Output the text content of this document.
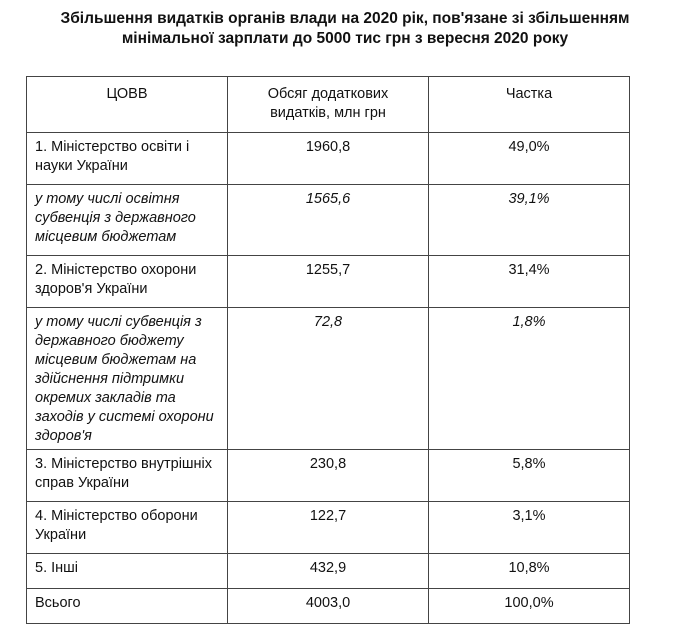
Збільшення видатків органів влади на 2020 рік, пов'язане зі збільшенням
мінімальної зарплати до 5000 тис грн з вересня 2020 року
ЦОВВ	Обсяг додаткових видатків, млн грн	Частка
1. Міністерство освіти і науки України	1960,8	49,0%
у тому числі освітня субвенція з державного місцевим бюджетам	1565,6	39,1%
2. Міністерство охорони здоров'я України	1255,7	31,4%
у тому числі субвенція з державного бюджету місцевим бюджетам на здійснення підтримки окремих закладів та заходів у системі охорони здоров'я	72,8	1,8%
3. Міністерство внутрішніх справ України	230,8	5,8%
4. Міністерство оборони України	122,7	3,1%
5. Інші	432,9	10,8%
Всього	4003,0	100,0%
